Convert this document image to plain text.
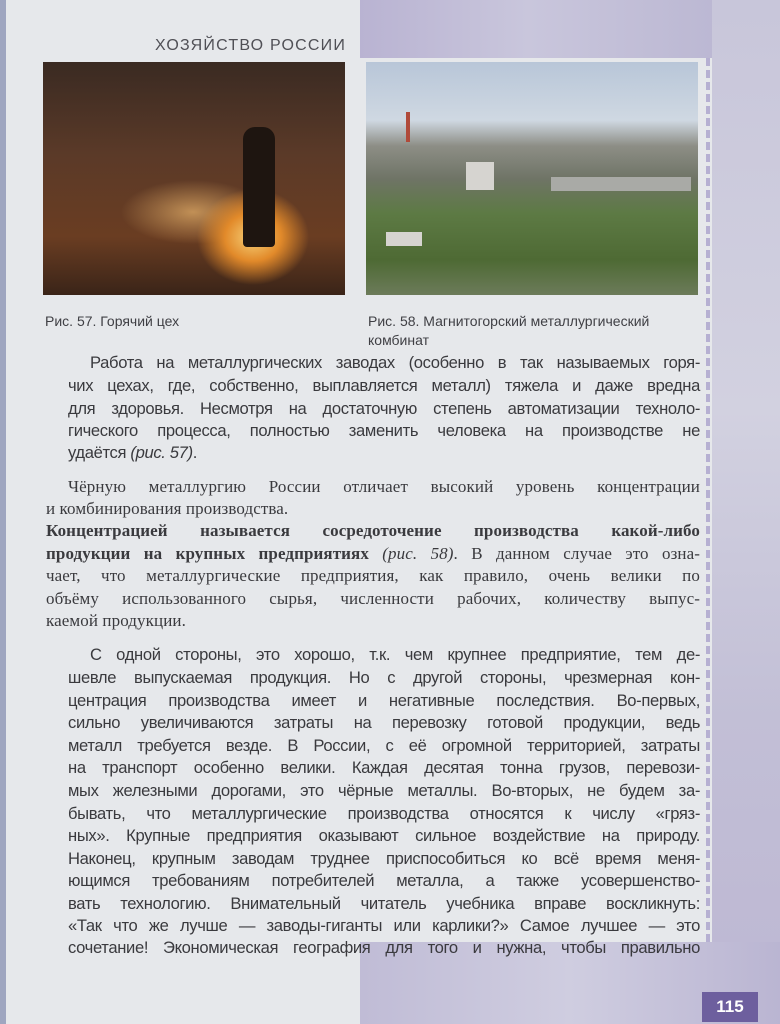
ХОЗЯЙСТВО РОССИИ
Рис. 57. Горячий цех	Рис. 58. Магнитогорский металлургический
комбинат
Работа на металлургических заводах (особенно в так называемых горя-
чих цехах, где, собственно, выплавляется металл) тяжела и даже вредна
для здоровья. Несмотря на достаточную степень автоматизации техноло-
гического процесса, полностью заменить человека на производстве не
удаётся (рис. 57).
Чёрную металлургию России отличает высокий уровень концентрации
и комбинирования производства.
Концентрацией называется сосредоточение производства какой-либо
продукции на крупных предприятиях (рис. 58). В данном случае это озна-
чает, что металлургические предприятия, как правило, очень велики по
объёму использованного сырья, численности рабочих, количеству выпус-
каемой продукции.
С одной стороны, это хорошо, т.к. чем крупнее предприятие, тем де-
шевле выпускаемая продукция. Но с другой стороны, чрезмерная кон-
центрация производства имеет и негативные последствия. Во-первых,
сильно увеличиваются затраты на перевозку готовой продукции, ведь
металл требуется везде. В России, с её огромной территорией, затраты
на транспорт особенно велики. Каждая десятая тонна грузов, перевози-
мых железными дорогами, это чёрные металлы. Во-вторых, не будем за-
бывать, что металлургические производства относятся к числу «гряз-
ных». Крупные предприятия оказывают сильное воздействие на природу.
Наконец, крупным заводам труднее приспособиться ко всё время меня-
ющимся требованиям потребителей металла, а также усовершенство-
вать технологию. Внимательный читатель учебника вправе воскликнуть:
«Так что же лучше — заводы-гиганты или карлики?» Самое лучшее — это
сочетание! Экономическая география для того и нужна, чтобы правильно
115
